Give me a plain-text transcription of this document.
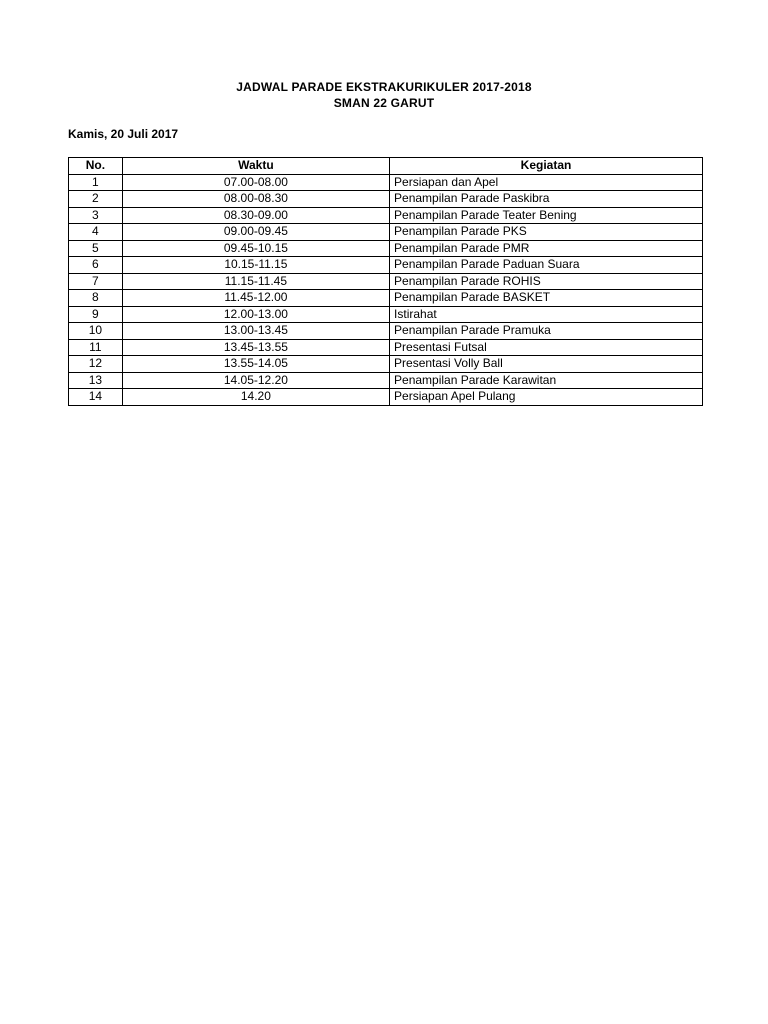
JADWAL PARADE EKSTRAKURIKULER 2017-2018
SMAN 22 GARUT
Kamis, 20 Juli 2017
No.	Waktu	Kegiatan
1	07.00-08.00	Persiapan dan Apel
2	08.00-08.30	Penampilan Parade Paskibra
3	08.30-09.00	Penampilan Parade Teater Bening
4	09.00-09.45	Penampilan Parade PKS
5	09.45-10.15	Penampilan Parade PMR
6	10.15-11.15	Penampilan Parade Paduan Suara
7	11.15-11.45	Penampilan Parade ROHIS
8	11.45-12.00	Penampilan Parade BASKET
9	12.00-13.00	Istirahat
10	13.00-13.45	Penampilan Parade Pramuka
11	13.45-13.55	Presentasi Futsal
12	13.55-14.05	Presentasi Volly Ball
13	14.05-12.20	Penampilan Parade Karawitan
14	14.20	Persiapan Apel Pulang
